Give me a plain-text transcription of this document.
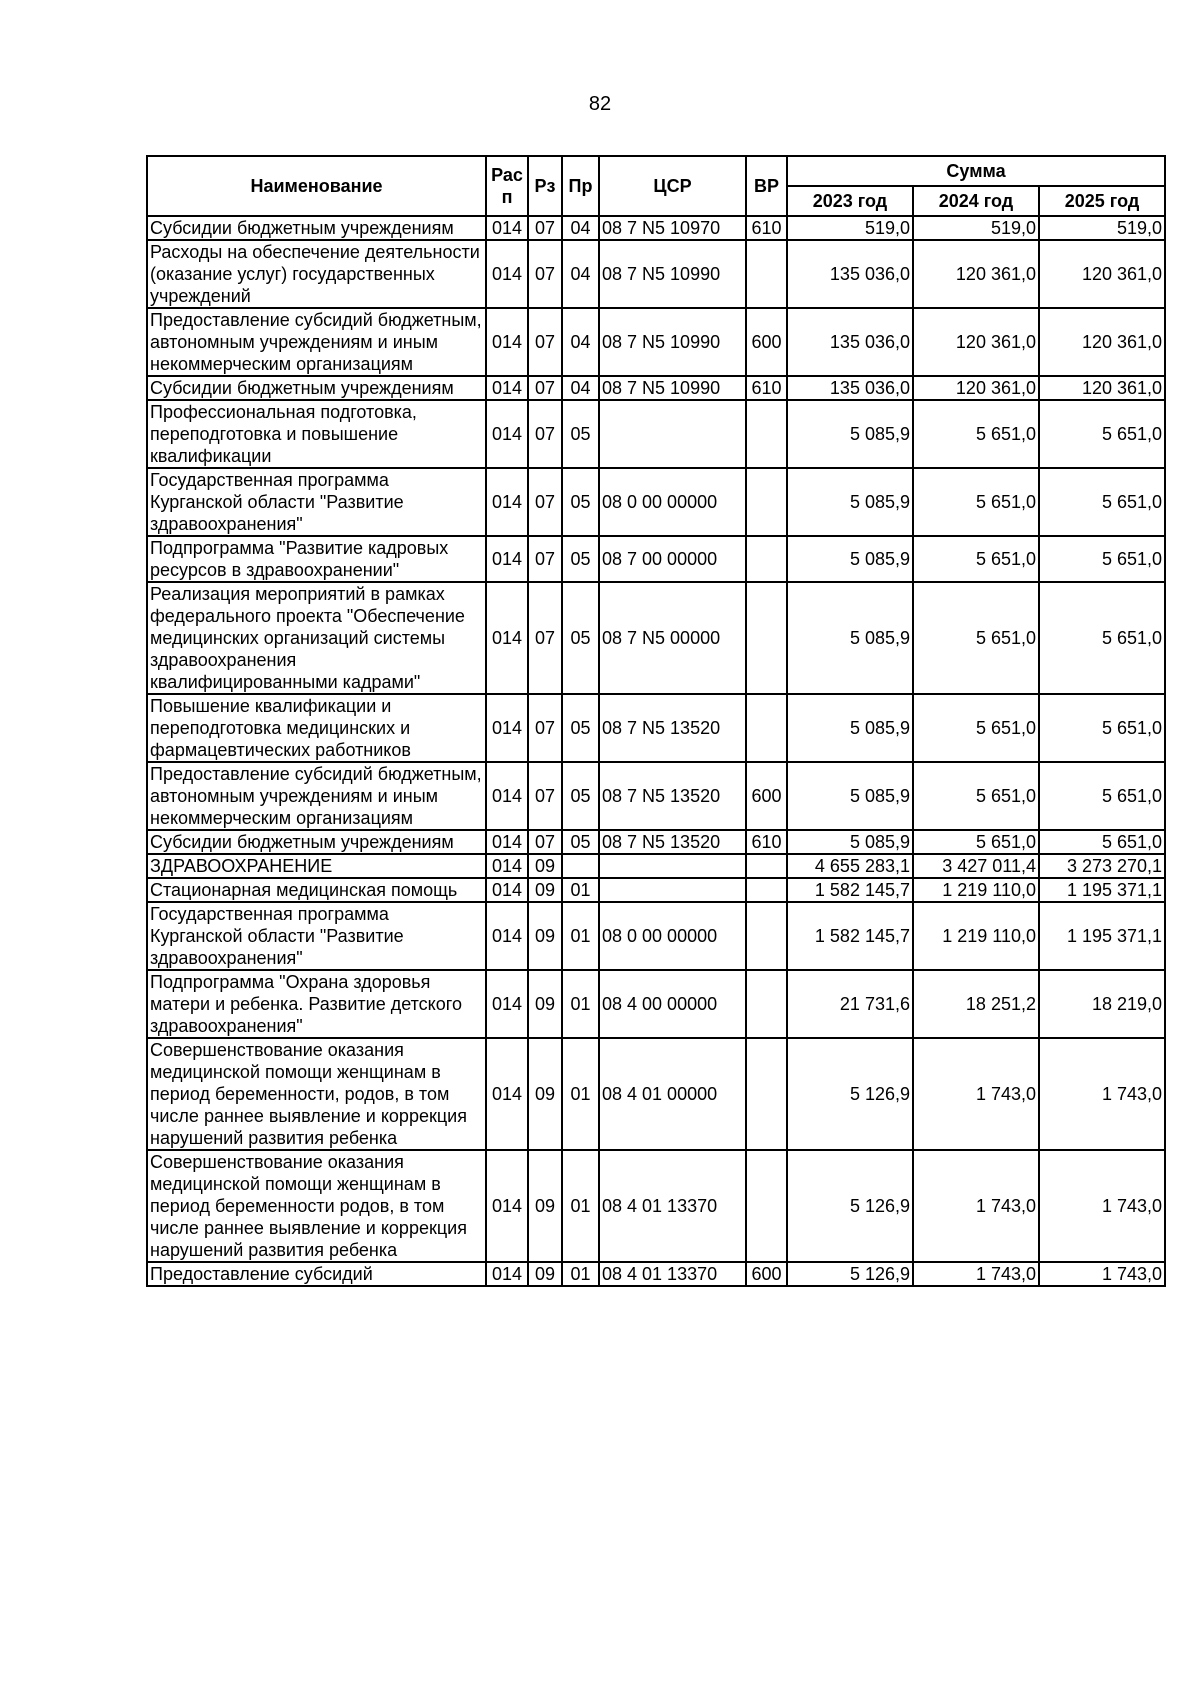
82
Наименование	Рас п	Рз	Пр	ЦСР	ВР	Сумма		
						2023 год	2024 год	2025 год
Субсидии бюджетным учреждениям	014	07	04	08 7 N5 10970	610	519,0	519,0	519,0
Расходы на обеспечение деятельности (оказание услуг) государственных учреждений	014	07	04	08 7 N5 10990		135 036,0	120 361,0	120 361,0
Предоставление субсидий бюджетным, автономным учреждениям и иным некоммерческим организациям	014	07	04	08 7 N5 10990	600	135 036,0	120 361,0	120 361,0
Субсидии бюджетным учреждениям	014	07	04	08 7 N5 10990	610	135 036,0	120 361,0	120 361,0
Профессиональная подготовка, переподготовка и повышение квалификации	014	07	05			5 085,9	5 651,0	5 651,0
Государственная программа Курганской области "Развитие здравоохранения"	014	07	05	08 0 00 00000		5 085,9	5 651,0	5 651,0
Подпрограмма "Развитие кадровых ресурсов в здравоохранении"	014	07	05	08 7 00 00000		5 085,9	5 651,0	5 651,0
Реализация мероприятий в рамках федерального проекта "Обеспечение медицинских организаций системы здравоохранения квалифицированными кадрами"	014	07	05	08 7 N5 00000		5 085,9	5 651,0	5 651,0
Повышение квалификации и переподготовка медицинских и фармацевтических работников	014	07	05	08 7 N5 13520		5 085,9	5 651,0	5 651,0
Предоставление субсидий бюджетным, автономным учреждениям и иным некоммерческим организациям	014	07	05	08 7 N5 13520	600	5 085,9	5 651,0	5 651,0
Субсидии бюджетным учреждениям	014	07	05	08 7 N5 13520	610	5 085,9	5 651,0	5 651,0
ЗДРАВООХРАНЕНИЕ	014	09				4 655 283,1	3 427 011,4	3 273 270,1
Стационарная медицинская помощь	014	09	01			1 582 145,7	1 219 110,0	1 195 371,1
Государственная программа Курганской области "Развитие здравоохранения"	014	09	01	08 0 00 00000		1 582 145,7	1 219 110,0	1 195 371,1
Подпрограмма "Охрана здоровья матери и ребенка. Развитие детского здравоохранения"	014	09	01	08 4 00 00000		21 731,6	18 251,2	18 219,0
Совершенствование оказания медицинской помощи женщинам в период беременности, родов, в том числе раннее выявление и коррекция нарушений развития ребенка	014	09	01	08 4 01 00000		5 126,9	1 743,0	1 743,0
Совершенствование оказания медицинской помощи женщинам в период беременности родов, в том числе раннее выявление и коррекция нарушений развития ребенка	014	09	01	08 4 01 13370		5 126,9	1 743,0	1 743,0
Предоставление субсидий	014	09	01	08 4 01 13370	600	5 126,9	1 743,0	1 743,0
